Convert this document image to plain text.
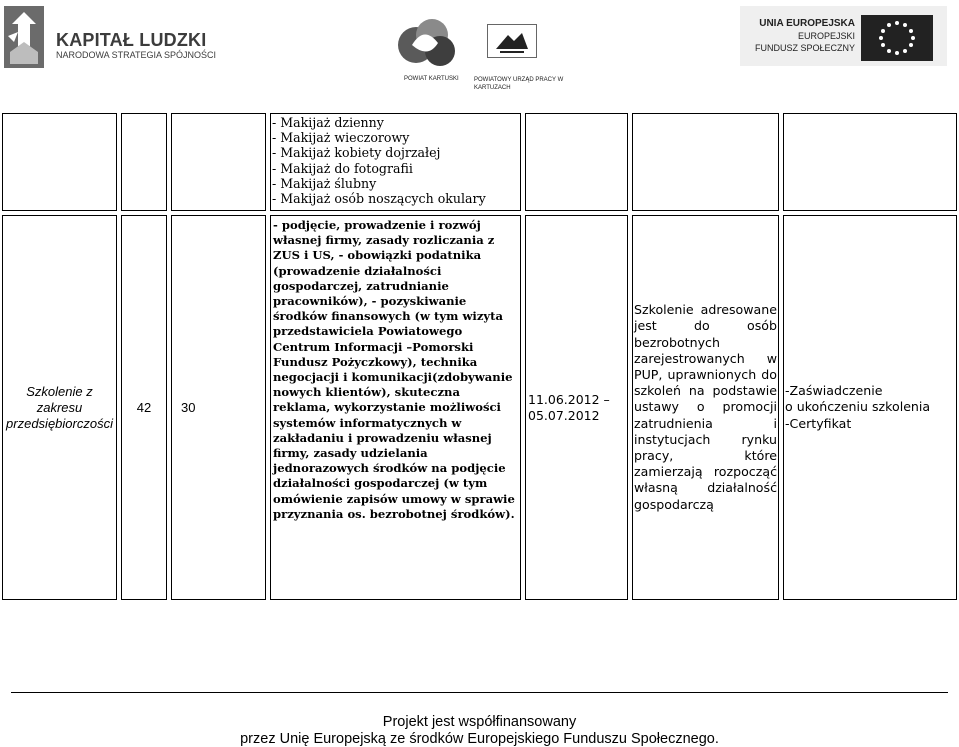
KAPITAŁ LUDZKI
NARODOWA STRATEGIA SPÓJNOŚCI
POWIAT KARTUSKI	POWIATOWY URZĄD PRACY W KARTUZACH
UNIA EUROPEJSKA
EUROPEJSKI
FUNDUSZ SPOŁECZNY
- Makijaż dzienny
- Makijaż wieczorowy
- Makijaż kobiety dojrzałej
- Makijaż do fotografii
- Makijaż ślubny
- Makijaż osób noszących okulary
Szkolenie z zakresu przedsiębiorczości
42 30
- podjęcie, prowadzenie i rozwój własnej firmy, zasady rozliczania z ZUS i US, - obowiązki podatnika (prowadzenie działalności gospodarczej, zatrudnianie pracowników), - pozyskiwanie środków finansowych (w tym wizyta przedstawiciela Powiatowego Centrum Informacji –Pomorski Fundusz Pożyczkowy), technika negocjacji i komunikacji(zdobywanie nowych klientów), skuteczna reklama, wykorzystanie możliwości systemów informatycznych w zakładaniu i prowadzeniu własnej firmy, zasady udzielania jednorazowych środków na podjęcie działalności gospodarczej (w tym omówienie zapisów umowy w sprawie przyznania os. bezrobotnej środków).
11.06.2012 – 05.07.2012
Szkolenie adresowane jest do osób bezrobotnych zarejestrowanych w PUP, uprawnionych do szkoleń na podstawie ustawy o promocji zatrudnienia i instytucjach rynku pracy, które zamierzają rozpocząć własną działalność gospodarczą
-Zaświadczenie
o ukończeniu szkolenia
-Certyfikat
Projekt jest współfinansowany
przez Unię Europejską ze środków Europejskiego Funduszu Społecznego.
